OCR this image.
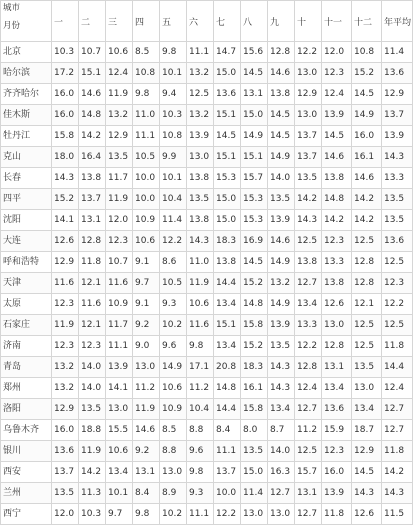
城市
月份	一	二	三	四	五	六	七	八	九	十	十一	十二	年平均
北京	10.3	10.7	10.6	8.5	9.8	11.1	14.7	15.6	12.8	12.2	12.0	10.8	11.4
哈尔滨	17.2	15.1	12.4	10.8	10.1	13.2	15.0	14.5	14.6	13.0	12.3	15.2	13.6
齐齐哈尔	16.0	14.6	11.9	9.8	9.4	12.5	13.6	13.1	13.8	12.9	12.4	14.5	12.9
佳木斯	16.0	14.8	13.2	11.0	10.3	13.2	15.1	15.0	14.5	13.0	13.9	14.9	13.7
牡丹江	15.8	14.2	12.9	11.1	10.8	13.9	14.5	14.9	14.5	13.7	14.5	16.0	13.9
克山	18.0	16.4	13.5	10.5	9.9	13.0	15.1	15.1	14.9	13.7	14.6	16.1	14.3
长春	14.3	13.8	11.7	10.0	10.1	13.8	15.3	15.7	14.0	13.5	13.8	14.6	13.3
四平	15.2	13.7	11.9	10.0	10.4	13.5	15.0	15.3	13.5	14.2	14.8	14.2	13.5
沈阳	14.1	13.1	12.0	10.9	11.4	13.8	15.0	15.3	13.9	14.3	14.2	14.2	13.5
大连	12.6	12.8	12.3	10.6	12.2	14.3	18.3	16.9	14.6	12.5	12.3	12.5	13.6
呼和浩特	12.9	11.8	10.7	9.1	8.6	11.0	13.8	14.5	14.9	13.8	13.3	12.8	12.5
天津	11.6	12.1	11.6	9.7	10.5	11.9	14.4	15.2	13.2	12.7	13.8	12.8	12.3
太原	12.3	11.6	10.9	9.1	9.3	10.6	13.4	14.8	14.9	13.4	12.6	12.1	12.2
石家庄	11.9	12.1	11.7	9.2	10.2	11.6	15.1	15.8	13.9	13.3	13.0	12.5	12.5
济南	12.3	12.3	11.1	9.0	9.6	9.8	13.4	15.2	13.5	12.2	12.8	12.5	11.8
青岛	13.2	14.0	13.9	13.0	14.9	17.1	20.8	18.3	14.3	12.8	13.1	13.5	14.4
郑州	13.2	14.0	14.1	11.2	10.6	11.2	14.8	16.1	14.3	12.4	13.4	13.0	12.4
洛阳	12.9	13.5	13.0	11.9	10.9	10.4	14.4	15.8	13.4	12.7	13.6	13.4	12.7
乌鲁木齐	16.0	18.8	15.5	14.6	8.5	8.8	8.4	8.0	8.7	11.2	15.9	18.7	12.7
银川	13.6	11.9	10.6	9.2	8.8	9.6	11.1	13.5	14.0	12.5	12.3	12.9	11.8
西安	13.7	14.2	13.4	13.1	13.0	9.8	13.7	15.0	16.3	15.7	16.0	14.5	14.2
兰州	13.5	11.3	10.1	8.4	8.9	9.3	10.0	11.4	12.7	13.1	13.9	14.3	14.3
西宁	12.0	10.3	9.7	9.8	10.2	11.1	12.2	13.0	13.0	12.7	11.8	12.6	11.5
